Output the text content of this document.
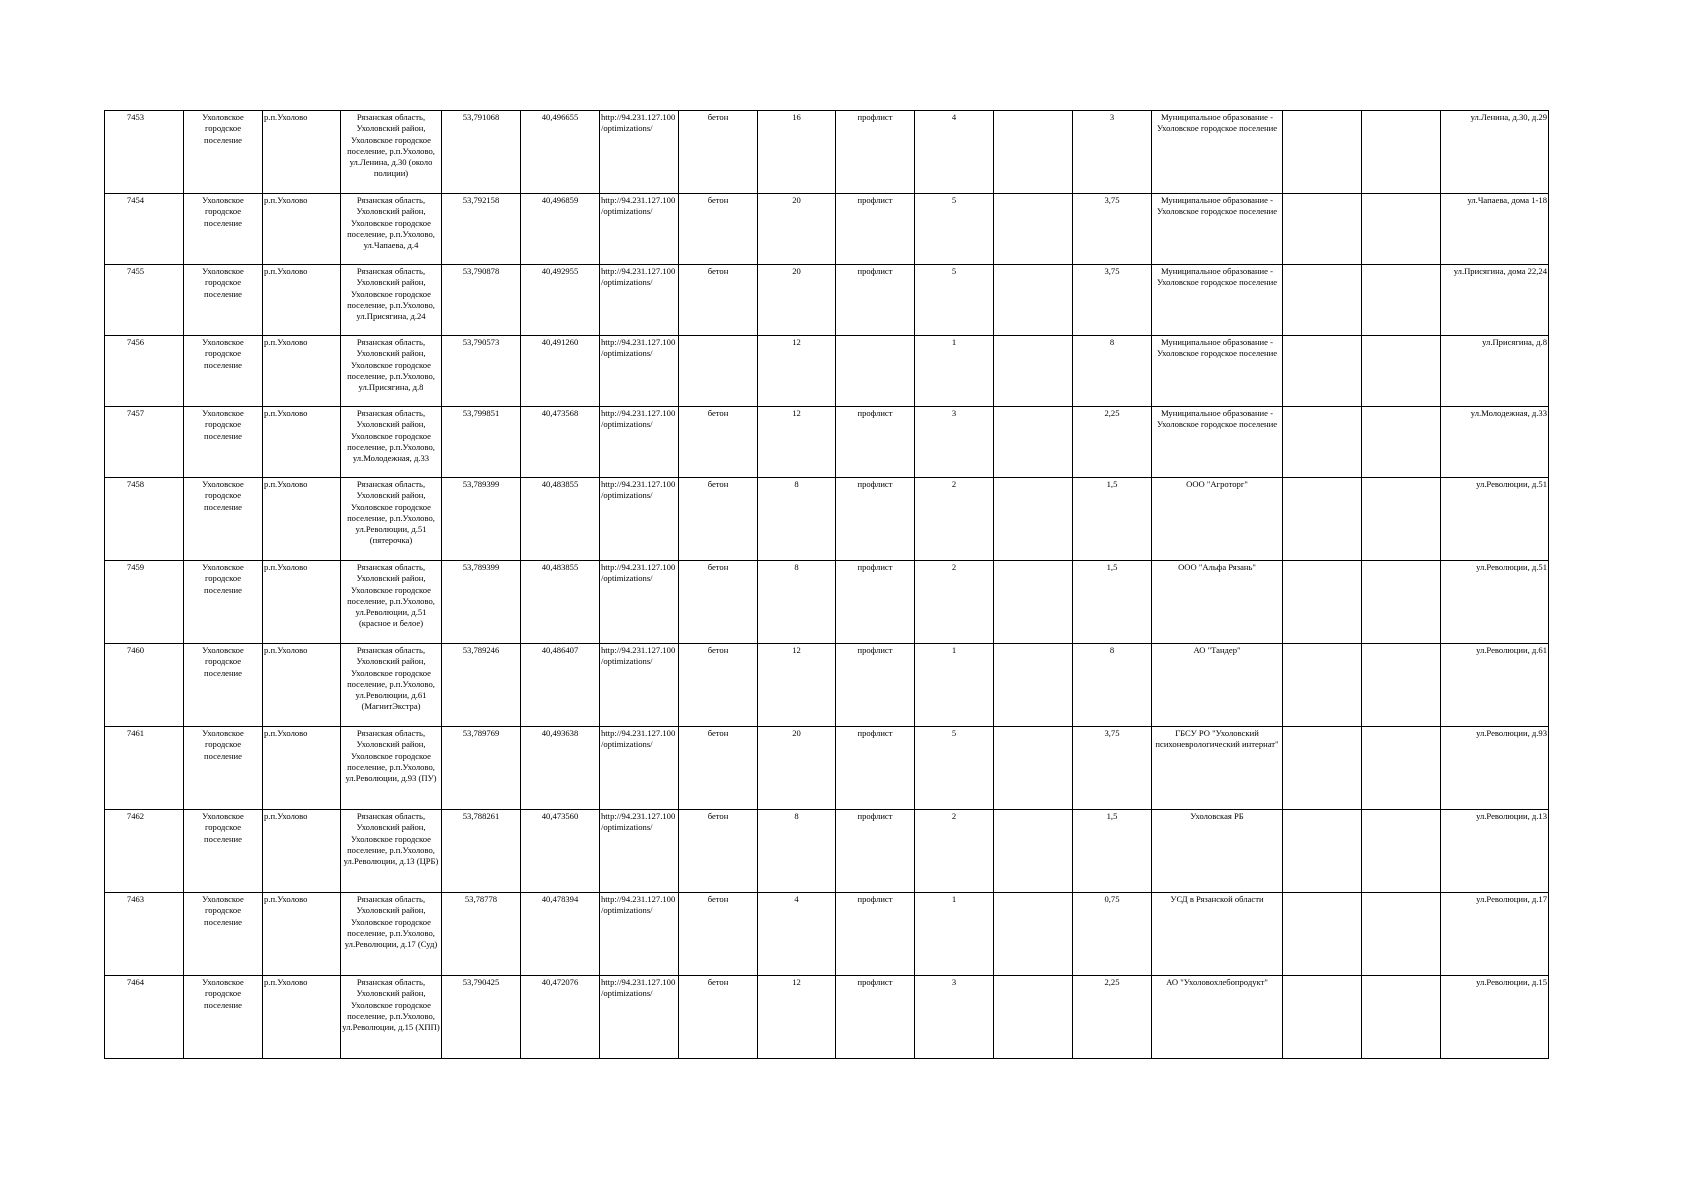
7453	Ухоловское городское поселение	р.п.Ухолово	Рязанская область, Ухоловский район, Ухоловское городское поселение, р.п.Ухолово, ул.Ленина, д.30 (около полиции)	53,791068	40,496655	http://94.231.127.100/optimizations/	бетон	16	профлист	4		3	Муниципальное образование - Ухоловское городское поселение			ул.Ленина, д.30, д.29
7454	Ухоловское городское поселение	р.п.Ухолово	Рязанская область, Ухоловский район, Ухоловское городское поселение, р.п.Ухолово, ул.Чапаева, д.4	53,792158	40,496859	http://94.231.127.100/optimizations/	бетон	20	профлист	5		3,75	Муниципальное образование - Ухоловское городское поселение			ул.Чапаева, дома 1-18
7455	Ухоловское городское поселение	р.п.Ухолово	Рязанская область, Ухоловский район, Ухоловское городское поселение, р.п.Ухолово, ул.Присягина, д.24	53,790878	40,492955	http://94.231.127.100/optimizations/	бетон	20	профлист	5		3,75	Муниципальное образование - Ухоловское городское поселение			ул.Присягина, дома 22,24
7456	Ухоловское городское поселение	р.п.Ухолово	Рязанская область, Ухоловский район, Ухоловское городское поселение, р.п.Ухолово, ул.Присягина, д.8	53,790573	40,491260	http://94.231.127.100/optimizations/		12		1		8	Муниципальное образование - Ухоловское городское поселение			ул.Присягина, д.8
7457	Ухоловское городское поселение	р.п.Ухолово	Рязанская область, Ухоловский район, Ухоловское городское поселение, р.п.Ухолово, ул.Молодежная, д.33	53,799851	40,473568	http://94.231.127.100/optimizations/	бетон	12	профлист	3		2,25	Муниципальное образование - Ухоловское городское поселение			ул.Молодежная, д.33
7458	Ухоловское городское поселение	р.п.Ухолово	Рязанская область, Ухоловский район, Ухоловское городское поселение, р.п.Ухолово, ул.Революции, д.51 (пятерочка)	53,789399	40,483855	http://94.231.127.100/optimizations/	бетон	8	профлист	2		1,5	ООО "Агроторг"			ул.Революции, д.51
7459	Ухоловское городское поселение	р.п.Ухолово	Рязанская область, Ухоловский район, Ухоловское городское поселение, р.п.Ухолово, ул.Революции, д.51 (красное и белое)	53,789399	40,483855	http://94.231.127.100/optimizations/	бетон	8	профлист	2		1,5	ООО "Альфа Рязань"			ул.Революции, д.51
7460	Ухоловское городское поселение	р.п.Ухолово	Рязанская область, Ухоловский район, Ухоловское городское поселение, р.п.Ухолово, ул.Революции, д.61 (МагнитЭкстра)	53,789246	40,486407	http://94.231.127.100/optimizations/	бетон	12	профлист	1		8	АО "Тандер"			ул.Революции, д.61
7461	Ухоловское городское поселение	р.п.Ухолово	Рязанская область, Ухоловский район, Ухоловское городское поселение, р.п.Ухолово, ул.Революции, д.93 (ПУ)	53,789769	40,493638	http://94.231.127.100/optimizations/	бетон	20	профлист	5		3,75	ГБСУ РО "Ухоловский психоневрологический интернат"			ул.Революции, д.93
7462	Ухоловское городское поселение	р.п.Ухолово	Рязанская область, Ухоловский район, Ухоловское городское поселение, р.п.Ухолово, ул.Революции, д.13 (ЦРБ)	53,788261	40,473560	http://94.231.127.100/optimizations/	бетон	8	профлист	2		1,5	Ухоловская РБ			ул.Революции, д.13
7463	Ухоловское городское поселение	р.п.Ухолово	Рязанская область, Ухоловский район, Ухоловское городское поселение, р.п.Ухолово, ул.Революции, д.17 (Суд)	53,78778	40,478394	http://94.231.127.100/optimizations/	бетон	4	профлист	1		0,75	УСД в Рязанской области			ул.Революции, д.17
7464	Ухоловское городское поселение	р.п.Ухолово	Рязанская область, Ухоловский район, Ухоловское городское поселение, р.п.Ухолово, ул.Революции, д.15 (ХПП)	53,790425	40,472076	http://94.231.127.100/optimizations/	бетон	12	профлист	3		2,25	АО "Ухоловохлебопродукт"			ул.Революции, д.15
